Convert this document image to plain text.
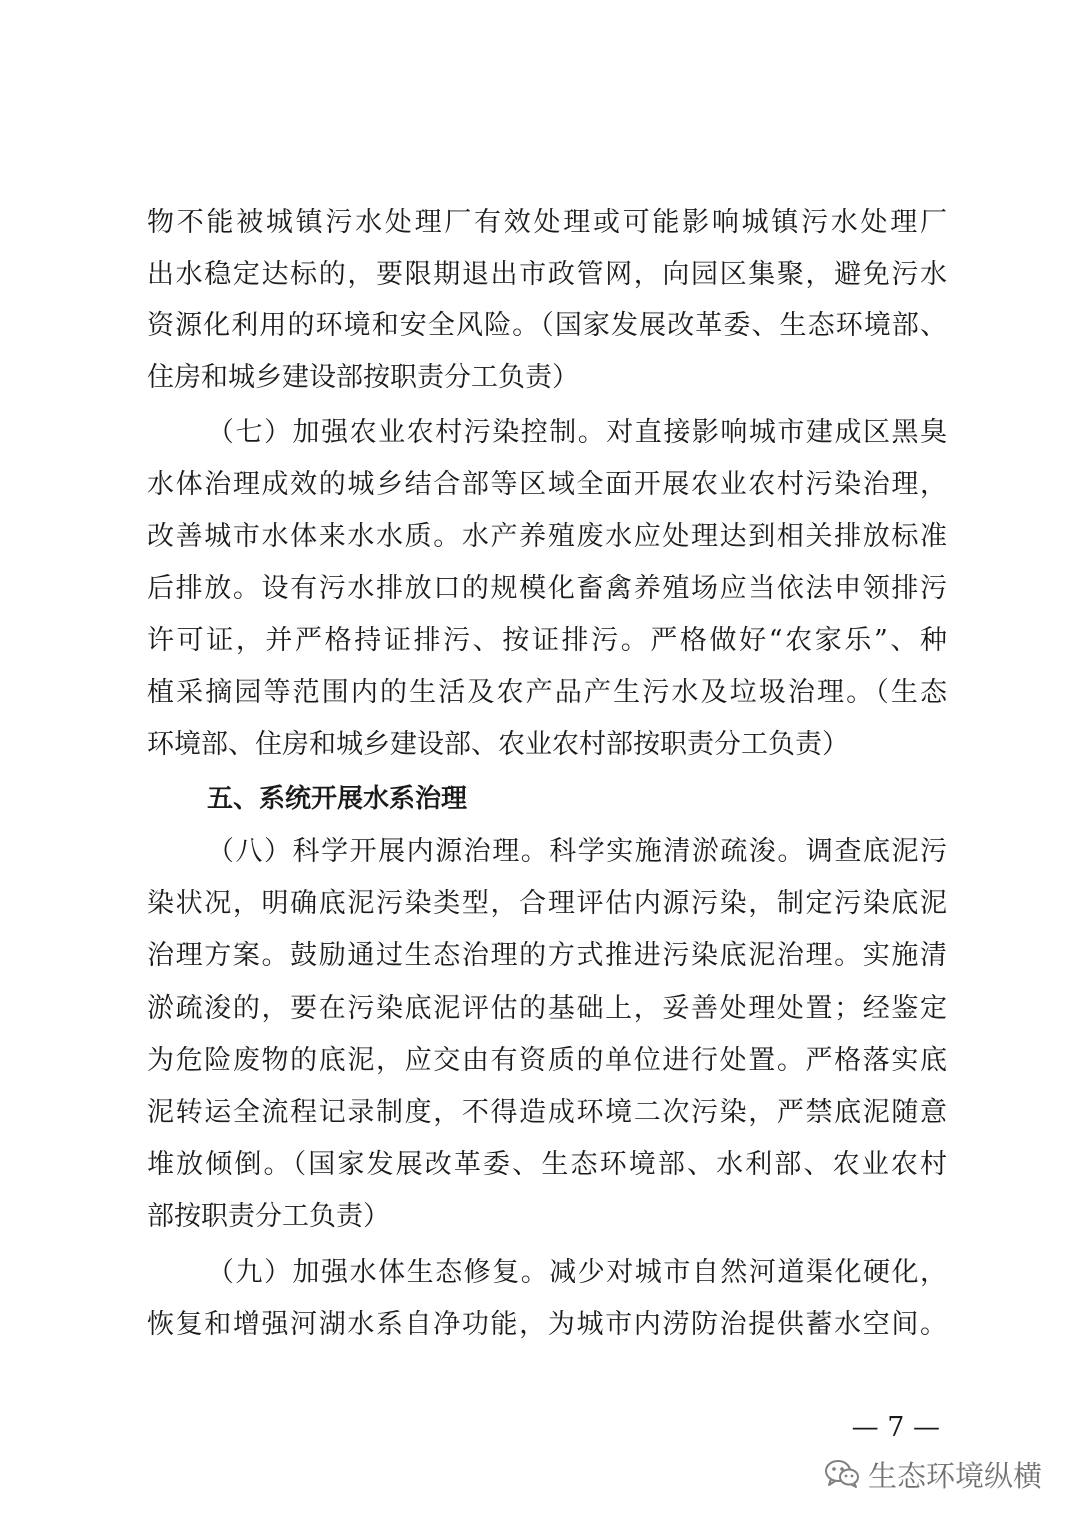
物不能被城镇污水处理厂有效处理或可能影响城镇污水处理厂
出水稳定达标的，要限期退出市政管网，向园区集聚，避免污水
资源化利用的环境和安全风险。（国家发展改革委、生态环境部、
住房和城乡建设部按职责分工负责）
（七）加强农业农村污染控制。对直接影响城市建成区黑臭
水体治理成效的城乡结合部等区域全面开展农业农村污染治理，
改善城市水体来水水质。水产养殖废水应处理达到相关排放标准
后排放。设有污水排放口的规模化畜禽养殖场应当依法申领排污
许可证，并严格持证排污、按证排污。严格做好“农家乐”、种
植采摘园等范围内的生活及农产品产生污水及垃圾治理。（生态
环境部、住房和城乡建设部、农业农村部按职责分工负责）
五、系统开展水系治理
（八）科学开展内源治理。科学实施清淤疏浚。调查底泥污
染状况，明确底泥污染类型，合理评估内源污染，制定污染底泥
治理方案。鼓励通过生态治理的方式推进污染底泥治理。实施清
淤疏浚的，要在污染底泥评估的基础上，妥善处理处置；经鉴定
为危险废物的底泥，应交由有资质的单位进行处置。严格落实底
泥转运全流程记录制度，不得造成环境二次污染，严禁底泥随意
堆放倾倒。（国家发展改革委、生态环境部、水利部、农业农村
部按职责分工负责）
（九）加强水体生态修复。减少对城市自然河道渠化硬化，
恢复和增强河湖水系自净功能，为城市内涝防治提供蓄水空间。
— 7 —
生态环境纵横
